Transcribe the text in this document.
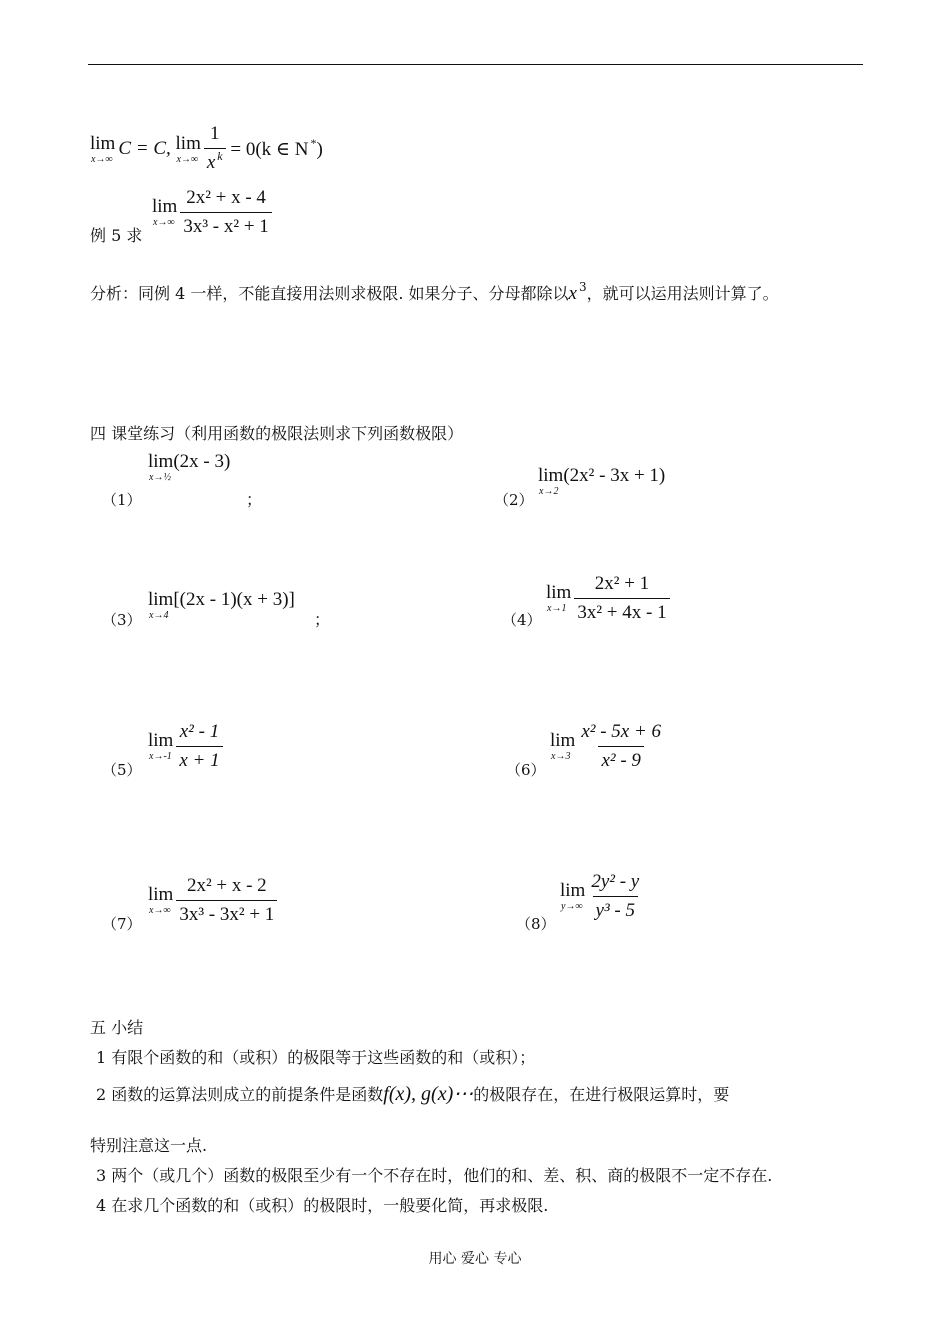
lim
x→∞ C = C, lim
$x\to\infty \frac{1}{x ^k} = 0(k$ ∈ N *)
例 5 求
lim
$x\to\infty \frac{\text{2x² + x - 4}}{\text{3x³ - x² + 1}}$
分析：同例 4 一样，不能直接用法则求极限. 如果分子、分母都除以x $^3$，就可以运用法则计算了。
四 课堂练习（利用函数的极限法则求下列函数极限）
（1）
lim(2x - 3)
x→½
；	（2）
lim(2x² - 3x + 1)
x→2
（3）
lim[(2x - 1)(x + 3)]
x→4	；	（4）
lim
$x\to 1 \frac{\text{2x² + 1}}{\text{3x² + 4x - 1}}$
（5）
lim
$x\to-1 \frac{\text{x² - 1}}{x + 1}$	（6）
lim
$x\to 3 \frac{\text{x² - 5x + 6}}{\text{x² - 9}}$
（7）
lim
$x\to\infty \frac{\text{2x² + x - 2}}{\text{3x³ - 3x² + 1}}$	（8）
lim
$y\to\infty \frac{\text{2y² - y}}{\text{y³ - 5}}$
五 小结
1 有限个函数的和（或积）的极限等于这些函数的和（或积）；
2 函数的运算法则成立的前提条件是函数f(x), g(x)⋯的极限存在，在进行极限运算时，要
特别注意这一点.
3 两个（或几个）函数的极限至少有一个不存在时，他们的和、差、积、商的极限不一定不存在.
4 在求几个函数的和（或积）的极限时，一般要化简，再求极限.
用心 爱心 专心
